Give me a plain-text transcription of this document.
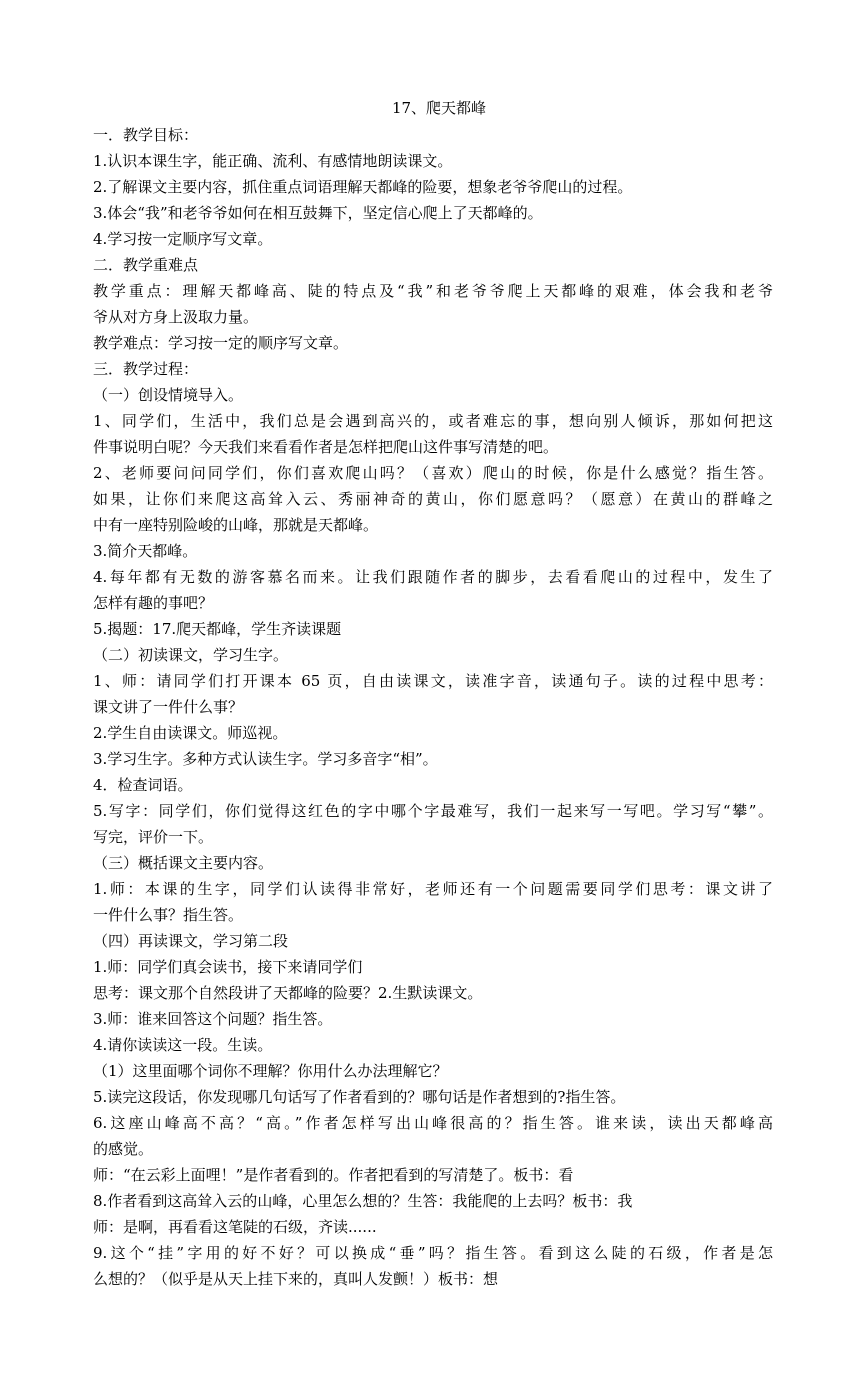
17、爬天都峰
一．教学目标：
1.认识本课生字，能正确、流利、有感情地朗读课文。
2.了解课文主要内容，抓住重点词语理解天都峰的险要，想象老爷爷爬山的过程。
3.体会“我”和老爷爷如何在相互鼓舞下，坚定信心爬上了天都峰的。
4.学习按一定顺序写文章。
二．教学重难点
教学重点：理解天都峰高、陡的特点及“我”和老爷爷爬上天都峰的艰难，体会我和老爷
爷从对方身上汲取力量。
教学难点：学习按一定的顺序写文章。
三．教学过程：
（一）创设情境导入。
1、同学们，生活中，我们总是会遇到高兴的，或者难忘的事，想向别人倾诉，那如何把这
件事说明白呢？今天我们来看看作者是怎样把爬山这件事写清楚的吧。
2、老师要问问同学们，你们喜欢爬山吗？（喜欢）爬山的时候，你是什么感觉？指生答。
如果，让你们来爬这高耸入云、秀丽神奇的黄山，你们愿意吗？（愿意）在黄山的群峰之
中有一座特别险峻的山峰，那就是天都峰。
3.简介天都峰。
4.每年都有无数的游客慕名而来。让我们跟随作者的脚步，去看看爬山的过程中，发生了
怎样有趣的事吧？
5.揭题：17.爬天都峰，学生齐读课题
（二）初读课文，学习生字。
1、师：请同学们打开课本 65 页，自由读课文，读准字音，读通句子。读的过程中思考：
课文讲了一件什么事？
2.学生自由读课文。师巡视。
3.学习生字。多种方式认读生字。学习多音字“相”。
4．检查词语。
5.写字：同学们，你们觉得这红色的字中哪个字最难写，我们一起来写一写吧。学习写“攀”。
写完，评价一下。
（三）概括课文主要内容。
1.师：本课的生字，同学们认读得非常好，老师还有一个问题需要同学们思考：课文讲了
一件什么事？指生答。
（四）再读课文，学习第二段
1.师：同学们真会读书，接下来请同学们
思考：课文那个自然段讲了天都峰的险要？2.生默读课文。
3.师：谁来回答这个问题？指生答。
4.请你读读这一段。生读。
（1）这里面哪个词你不理解？你用什么办法理解它？
5.读完这段话，你发现哪几句话写了作者看到的？哪句话是作者想到的?指生答。
6.这座山峰高不高？“高。”作者怎样写出山峰很高的？指生答。谁来读，读出天都峰高
的感觉。
师：“在云彩上面哩！”是作者看到的。作者把看到的写清楚了。板书：看
8.作者看到这高耸入云的山峰，心里怎么想的？生答：我能爬的上去吗？板书：我
师：是啊，再看看这笔陡的石级，齐读......
9.这个“挂”字用的好不好？可以换成“垂”吗？指生答。看到这么陡的石级，作者是怎
么想的？（似乎是从天上挂下来的，真叫人发颤！）板书：想
